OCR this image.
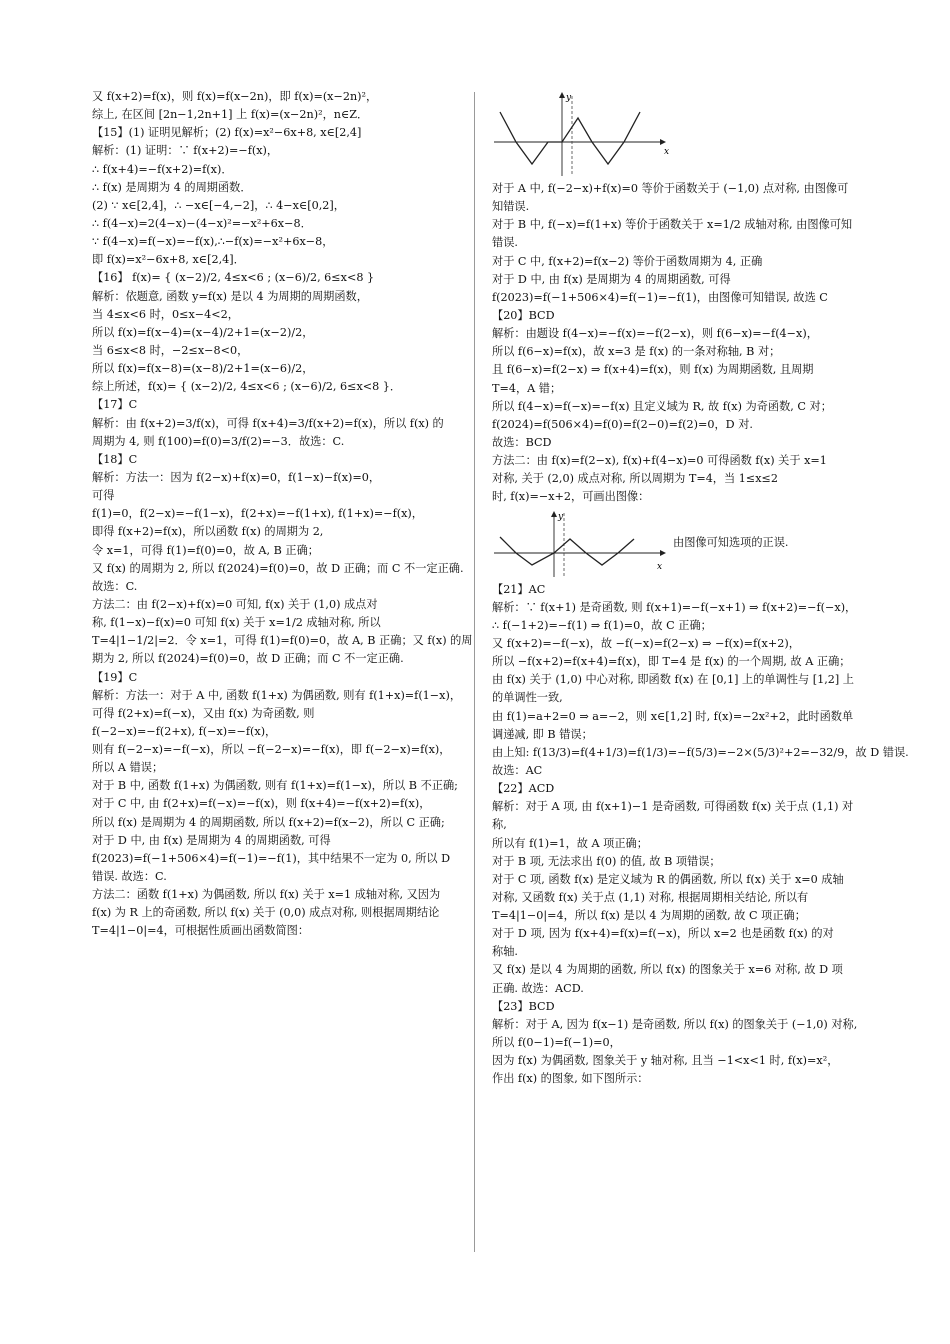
又 f(x+2)=f(x)，则 f(x)=f(x−2n)，即 f(x)=(x−2n)²，
综上, 在区间 [2n−1,2n+1] 上 f(x)=(x−2n)²，n∈Z．
【15】(1) 证明见解析；(2) f(x)=x²−6x+8, x∈[2,4]
解析：(1) 证明：∵ f(x+2)=−f(x)，
∴ f(x+4)=−f(x+2)=f(x)．
∴ f(x) 是周期为 4 的周期函数．
(2) ∵ x∈[2,4]，∴ −x∈[−4,−2]，∴ 4−x∈[0,2]，
∴ f(4−x)=2(4−x)−(4−x)²=−x²+6x−8．
∵ f(4−x)=f(−x)=−f(x),∴−f(x)=−x²+6x−8，
即 f(x)=x²−6x+8, x∈[2,4]．
【16】 f(x)= { (x−2)/2, 4≤x<6 ; (x−6)/2, 6≤x<8 }
解析：依题意, 函数 y=f(x) 是以 4 为周期的周期函数，
当 4≤x<6 时，0≤x−4<2，
所以 f(x)=f(x−4)=(x−4)/2+1=(x−2)/2，
当 6≤x<8 时，−2≤x−8<0，
所以 f(x)=f(x−8)=(x−8)/2+1=(x−6)/2，
综上所述，f(x)= { (x−2)/2, 4≤x<6 ; (x−6)/2, 6≤x<8 }．
【17】C
解析：由 f(x+2)=3/f(x)，可得 f(x+4)=3/f(x+2)=f(x)，所以 f(x) 的
周期为 4, 则 f(100)=f(0)=3/f(2)=−3．故选：C.
【18】C
解析：方法一：因为 f(2−x)+f(x)=0，f(1−x)−f(x)=0，
可得
f(1)=0，f(2−x)=−f(1−x)，f(2+x)=−f(1+x), f(1+x)=−f(x)，
即得 f(x+2)=f(x)，所以函数 f(x) 的周期为 2,
令 x=1，可得 f(1)=f(0)=0，故 A, B 正确；
又 f(x) 的周期为 2, 所以 f(2024)=f(0)=0，故 D 正确；而 C 不一定正确.
故选：C.
方法二：由 f(2−x)+f(x)=0 可知, f(x) 关于 (1,0) 成点对
称, f(1−x)−f(x)=0 可知 f(x) 关于 x=1/2 成轴对称, 所以
T=4|1−1/2|=2．令 x=1，可得 f(1)=f(0)=0，故 A, B 正确；又 f(x) 的周
期为 2, 所以 f(2024)=f(0)=0，故 D 正确；而 C 不一定正确.
【19】C
解析：方法一：对于 A 中, 函数 f(1+x) 为偶函数, 则有 f(1+x)=f(1−x)，
可得 f(2+x)=f(−x)，又由 f(x) 为奇函数, 则
f(−2−x)=−f(2+x), f(−x)=−f(x)，
则有 f(−2−x)=−f(−x)，所以 −f(−2−x)=−f(x)，即 f(−2−x)=f(x)，
所以 A 错误；
对于 B 中, 函数 f(1+x) 为偶函数, 则有 f(1+x)=f(1−x)，所以 B 不正确;
对于 C 中, 由 f(2+x)=f(−x)=−f(x)，则 f(x+4)=−f(x+2)=f(x)，
所以 f(x) 是周期为 4 的周期函数, 所以 f(x+2)=f(x−2)，所以 C 正确;
对于 D 中, 由 f(x) 是周期为 4 的周期函数, 可得
f(2023)=f(−1+506×4)=f(−1)=−f(1)，其中结果不一定为 0, 所以 D
错误. 故选：C.
方法二：函数 f(1+x) 为偶函数, 所以 f(x) 关于 x=1 成轴对称, 又因为
f(x) 为 R 上的奇函数, 所以 f(x) 关于 (0,0) 成点对称, 则根据周期结论
T=4|1−0|=4，可根据性质画出函数简图：
x
y
对于 A 中, f(−2−x)+f(x)=0 等价于函数关于 (−1,0) 点对称, 由图像可
知错误.
对于 B 中, f(−x)=f(1+x) 等价于函数关于 x=1/2 成轴对称, 由图像可知
错误.
对于 C 中, f(x+2)=f(x−2) 等价于函数周期为 4, 正确
对于 D 中, 由 f(x) 是周期为 4 的周期函数, 可得
f(2023)=f(−1+506×4)=f(−1)=−f(1)，由图像可知错误, 故选 C
【20】BCD
解析：由题设 f(4−x)=−f(x)=−f(2−x)，则 f(6−x)=−f(4−x)，
所以 f(6−x)=f(x)，故 x=3 是 f(x) 的一条对称轴, B 对；
且 f(6−x)=f(2−x) ⇒ f(x+4)=f(x)，则 f(x) 为周期函数, 且周期
T=4，A 错；
所以 f(4−x)=f(−x)=−f(x) 且定义域为 R, 故 f(x) 为奇函数, C 对；
f(2024)=f(506×4)=f(0)=f(2−0)=f(2)=0，D 对.
故选：BCD
方法二：由 f(x)=f(2−x), f(x)+f(4−x)=0 可得函数 f(x) 关于 x=1
对称, 关于 (2,0) 成点对称, 所以周期为 T=4，当 1≤x≤2
时, f(x)=−x+2，可画出图像：
x
y
由图像可知选项的正误.
【21】AC
解析：∵ f(x+1) 是奇函数, 则 f(x+1)=−f(−x+1) ⇒ f(x+2)=−f(−x)，
∴ f(−1+2)=−f(1) ⇒ f(1)=0，故 C 正确；
又 f(x+2)=−f(−x)，故 −f(−x)=f(2−x) ⇒ −f(x)=f(x+2)，
所以 −f(x+2)=f(x+4)=f(x)，即 T=4 是 f(x) 的一个周期, 故 A 正确；
由 f(x) 关于 (1,0) 中心对称, 即函数 f(x) 在 [0,1] 上的单调性与 [1,2] 上
的单调性一致,
由 f(1)=a+2=0 ⇒ a=−2，则 x∈[1,2] 时, f(x)=−2x²+2，此时函数单
调递减, 即 B 错误；
由上知: f(13/3)=f(4+1/3)=f(1/3)=−f(5/3)=−2×(5/3)²+2=−32/9，故 D 错误.
故选：AC
【22】ACD
解析：对于 A 项, 由 f(x+1)−1 是奇函数, 可得函数 f(x) 关于点 (1,1) 对
称,
所以有 f(1)=1，故 A 项正确；
对于 B 项, 无法求出 f(0) 的值, 故 B 项错误；
对于 C 项, 函数 f(x) 是定义域为 R 的偶函数, 所以 f(x) 关于 x=0 成轴
对称, 又函数 f(x) 关于点 (1,1) 对称, 根据周期相关结论, 所以有
T=4|1−0|=4，所以 f(x) 是以 4 为周期的函数, 故 C 项正确；
对于 D 项, 因为 f(x+4)=f(x)=f(−x)，所以 x=2 也是函数 f(x) 的对
称轴.
又 f(x) 是以 4 为周期的函数, 所以 f(x) 的图象关于 x=6 对称, 故 D 项
正确. 故选：ACD.
【23】BCD
解析：对于 A, 因为 f(x−1) 是奇函数, 所以 f(x) 的图象关于 (−1,0) 对称,
所以 f(0−1)=f(−1)=0，
因为 f(x) 为偶函数, 图象关于 y 轴对称, 且当 −1<x<1 时, f(x)=x²，
作出 f(x) 的图象, 如下图所示：
